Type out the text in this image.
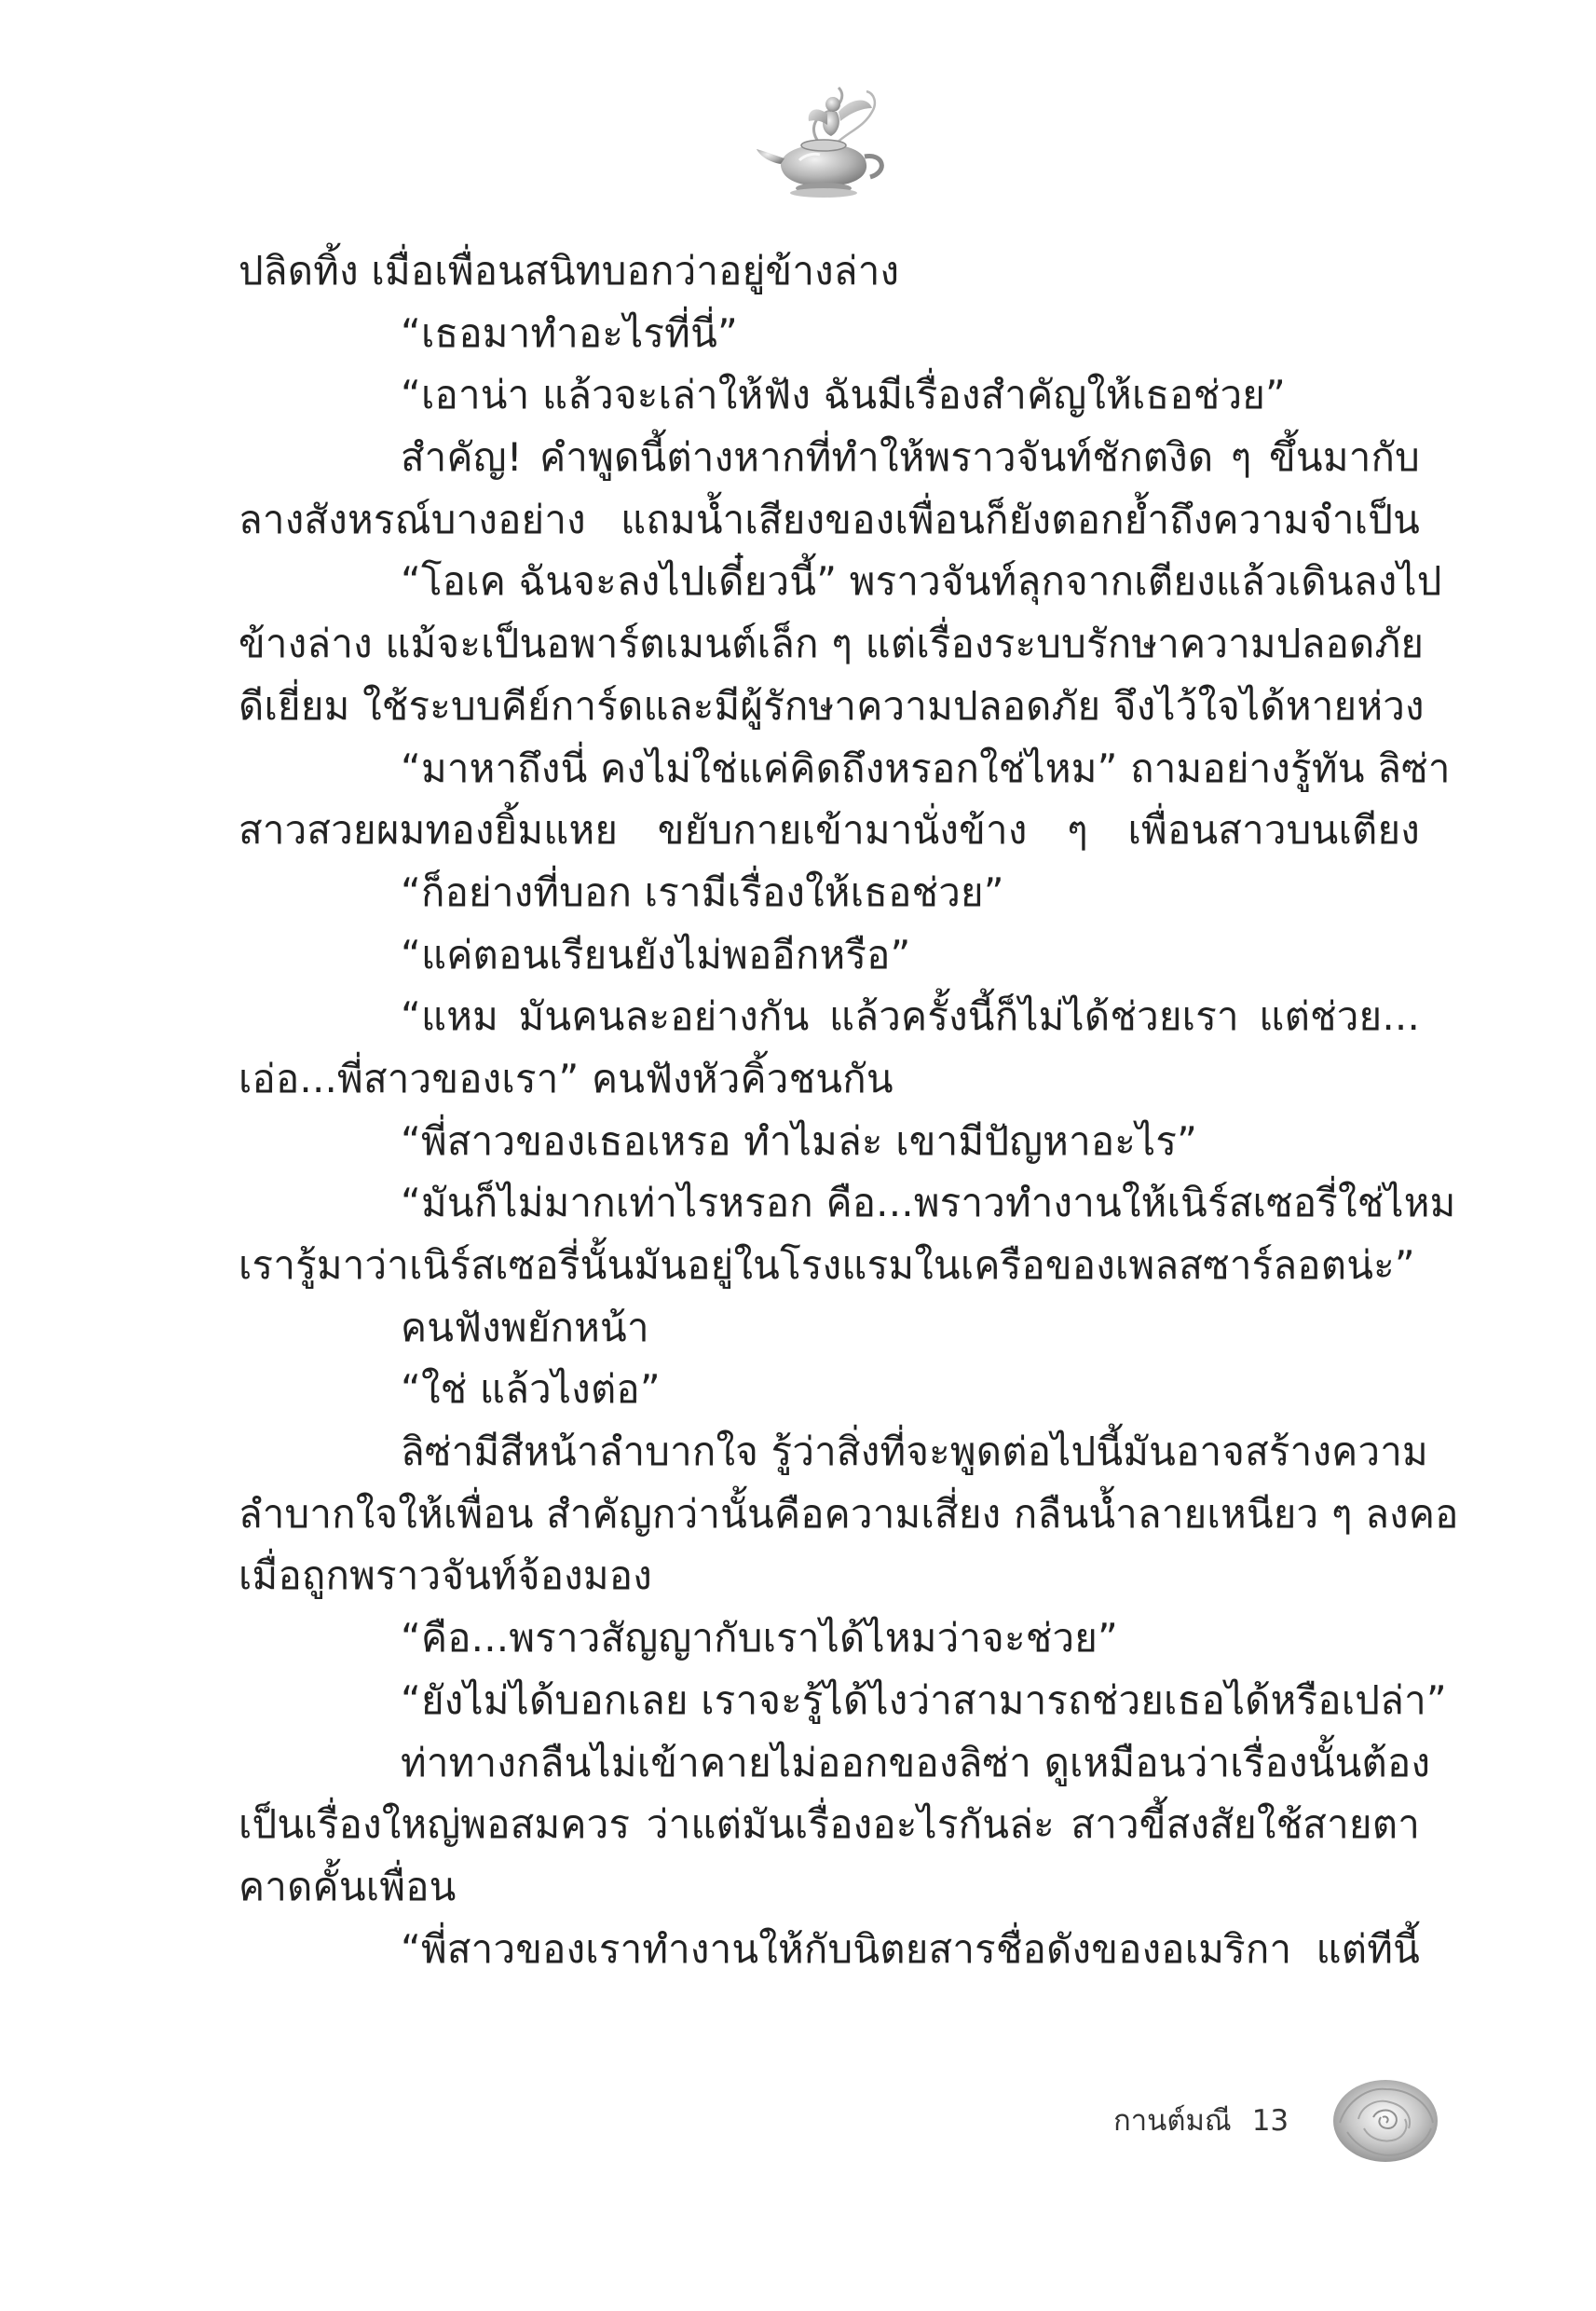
ปลิดทิ้ง เมื่อเพื่อนสนิทบอกว่าอยู่ข้างล่าง
“เธอมาทำอะไรที่นี่”
“เอาน่า แล้วจะเล่าให้ฟัง ฉันมีเรื่องสำคัญให้เธอช่วย”
สำคัญ! คำพูดนี้ต่างหากที่ทำให้พราวจันท์ชักตงิด ๆ ขึ้นมากับ
ลางสังหรณ์บางอย่าง แถมน้ำเสียงของเพื่อนก็ยังตอกย้ำถึงความจำเป็น
“โอเค ฉันจะลงไปเดี๋ยวนี้” พราวจันท์ลุกจากเตียงแล้วเดินลงไป
ข้างล่าง แม้จะเป็นอพาร์ตเมนต์เล็ก ๆ แต่เรื่องระบบรักษาความปลอดภัย
ดีเยี่ยม ใช้ระบบคีย์การ์ดและมีผู้รักษาความปลอดภัย จึงไว้ใจได้หายห่วง
“มาหาถึงนี่ คงไม่ใช่แค่คิดถึงหรอกใช่ไหม” ถามอย่างรู้ทัน ลิซ่า
สาวสวยผมทองยิ้มแหย ขยับกายเข้ามานั่งข้าง ๆ เพื่อนสาวบนเตียง
“ก็อย่างที่บอก เรามีเรื่องให้เธอช่วย”
“แค่ตอนเรียนยังไม่พออีกหรือ”
“แหม มันคนละอย่างกัน แล้วครั้งนี้ก็ไม่ได้ช่วยเรา แต่ช่วย...
เอ่อ...พี่สาวของเรา” คนฟังหัวคิ้วชนกัน
“พี่สาวของเธอเหรอ ทำไมล่ะ เขามีปัญหาอะไร”
“มันก็ไม่มากเท่าไรหรอก คือ...พราวทำงานให้เนิร์สเซอรี่ใช่ไหม
เรารู้มาว่าเนิร์สเซอรี่นั้นมันอยู่ในโรงแรมในเครือของเพลสซาร์ลอตน่ะ”
คนฟังพยักหน้า
“ใช่ แล้วไงต่อ”
ลิซ่ามีสีหน้าลำบากใจ รู้ว่าสิ่งที่จะพูดต่อไปนี้มันอาจสร้างความ
ลำบากใจให้เพื่อน สำคัญกว่านั้นคือความเสี่ยง กลืนน้ำลายเหนียว ๆ ลงคอ
เมื่อถูกพราวจันท์จ้องมอง
“คือ...พราวสัญญากับเราได้ไหมว่าจะช่วย”
“ยังไม่ได้บอกเลย เราจะรู้ได้ไงว่าสามารถช่วยเธอได้หรือเปล่า”
ท่าทางกลืนไม่เข้าคายไม่ออกของลิซ่า ดูเหมือนว่าเรื่องนั้นต้อง
เป็นเรื่องใหญ่พอสมควร ว่าแต่มันเรื่องอะไรกันล่ะ สาวขี้สงสัยใช้สายตา
คาดคั้นเพื่อน
“พี่สาวของเราทำงานให้กับนิตยสารชื่อดังของอเมริกา แต่ทีนี้
กานต์มณี 13
